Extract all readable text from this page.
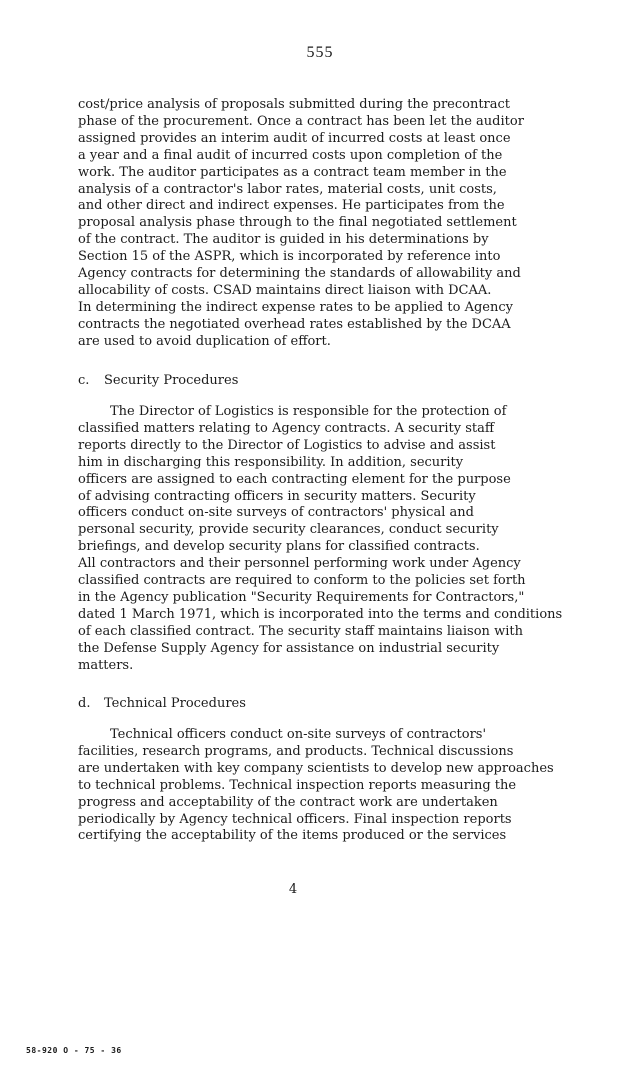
555
cost/price analysis of proposals submitted during the precontract
phase of the procurement. Once a contract has been let the auditor
assigned provides an interim audit of incurred costs at least once
a year and a final audit of incurred costs upon completion of the
work. The auditor participates as a contract team member in the
analysis of a contractor's labor rates, material costs, unit costs,
and other direct and indirect expenses. He participates from the
proposal analysis phase through to the final negotiated settlement
of the contract. The auditor is guided in his determinations by
Section 15 of the ASPR, which is incorporated by reference into
Agency contracts for determining the standards of allowability and
allocability of costs. CSAD maintains direct liaison with DCAA.
In determining the indirect expense rates to be applied to Agency
contracts the negotiated overhead rates established by the DCAA
are used to avoid duplication of effort.
c. Security Procedures
The Director of Logistics is responsible for the protection of
classified matters relating to Agency contracts. A security staff
reports directly to the Director of Logistics to advise and assist
him in discharging this responsibility. In addition, security
officers are assigned to each contracting element for the purpose
of advising contracting officers in security matters. Security
officers conduct on-site surveys of contractors' physical and
personal security, provide security clearances, conduct security
briefings, and develop security plans for classified contracts.
All contractors and their personnel performing work under Agency
classified contracts are required to conform to the policies set forth
in the Agency publication "Security Requirements for Contractors,"
dated 1 March 1971, which is incorporated into the terms and conditions
of each classified contract. The security staff maintains liaison with
the Defense Supply Agency for assistance on industrial security
matters.
d. Technical Procedures
Technical officers conduct on-site surveys of contractors'
facilities, research programs, and products. Technical discussions
are undertaken with key company scientists to develop new approaches
to technical problems. Technical inspection reports measuring the
progress and acceptability of the contract work are undertaken
periodically by Agency technical officers. Final inspection reports
certifying the acceptability of the items produced or the services
4
58-920 O - 75 - 36
